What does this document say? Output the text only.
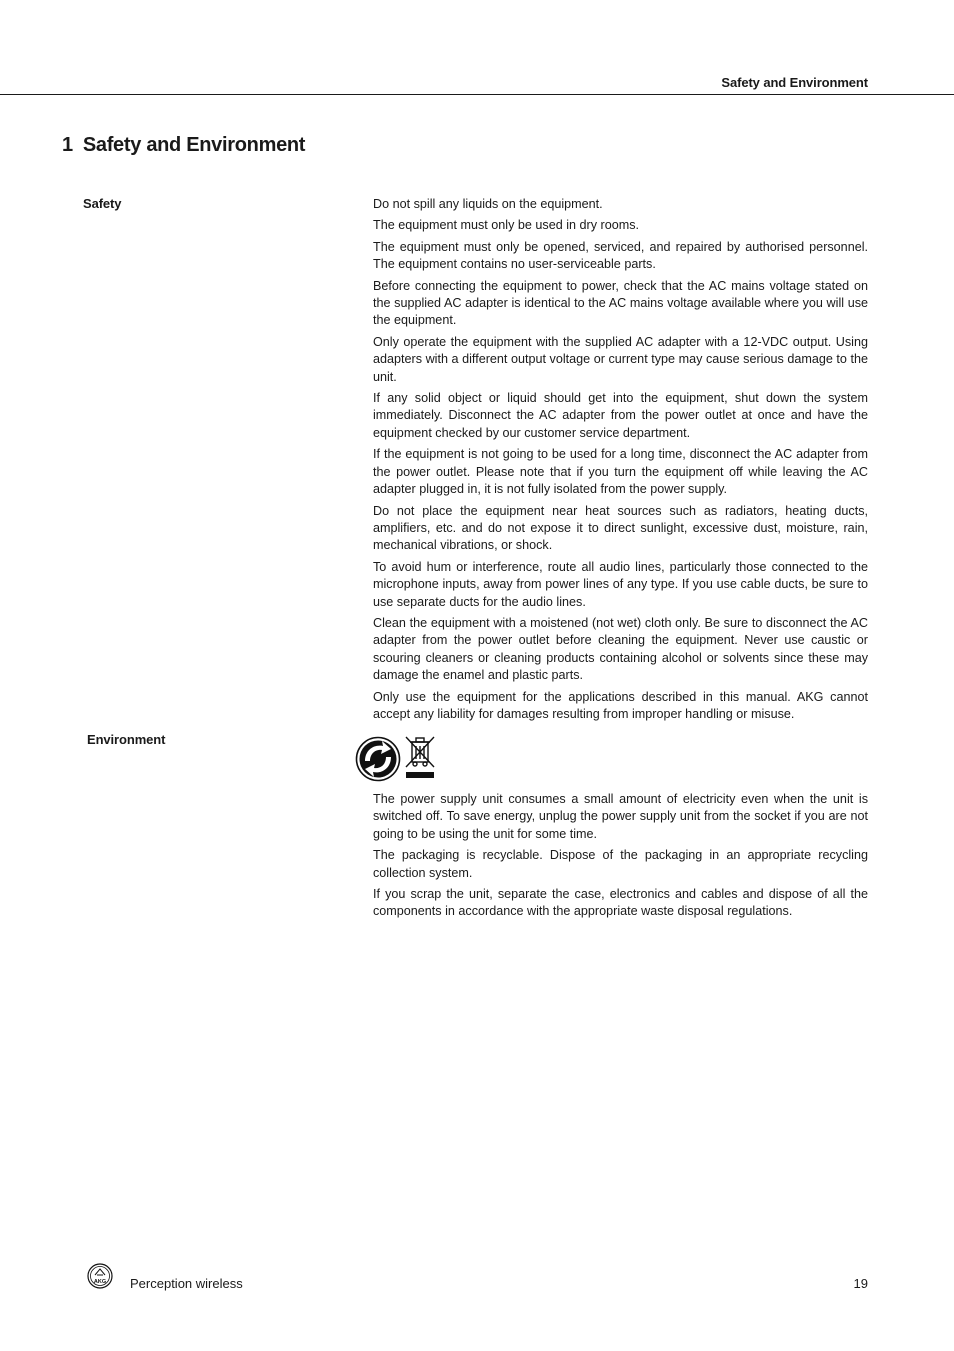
Safety and Environment
1 Safety and Environment
Safety	Do not spill any liquids on the equipment.

The equipment must only be used in dry rooms.

The equipment must only be opened, serviced, and repaired by authorised personnel. The equipment contains no user-serviceable parts.

Before connecting the equipment to power, check that the AC mains voltage stated on the supplied AC adapter is identical to the AC mains voltage available where you will use the equipment.

Only operate the equipment with the supplied AC adapter with a 12-VDC output. Using adapters with a different output voltage or current type may cause serious damage to the unit.

If any solid object or liquid should get into the equipment, shut down the system immediately. Disconnect the AC adapter from the power outlet at once and have the equipment checked by our customer service department.

If the equipment is not going to be used for a long time, disconnect the AC adapter from the power outlet. Please note that if you turn the equipment off while leaving the AC adapter plugged in, it is not fully isolated from the power supply.

Do not place the equipment near heat sources such as radiators, heating ducts, amplifiers, etc. and do not expose it to direct sunlight, excessive dust, moisture, rain, mechanical vibrations, or shock.

To avoid hum or interference, route all audio lines, particularly those connected to the microphone inputs, away from power lines of any type. If you use cable ducts, be sure to use separate ducts for the audio lines.

Clean the equipment with a moistened (not wet) cloth only. Be sure to disconnect the AC adapter from the power outlet before cleaning the equipment. Never use caustic or scouring cleaners or cleaning products containing alcohol or solvents since these may damage the enamel and plastic parts.

Only use the equipment for the applications described in this manual. AKG cannot accept any liability for damages resulting from improper handling or misuse.

Environment

The power supply unit consumes a small amount of electricity even when the unit is switched off. To save energy, unplug the power supply unit from the socket if you are not going to be using the unit for some time.

The packaging is recyclable. Dispose of the packaging in an appropriate recycling collection system.

If you scrap the unit, separate the case, electronics and cables and dispose of all the components in accordance with the appropriate waste disposal regulations.

AKG Perception wireless	19
